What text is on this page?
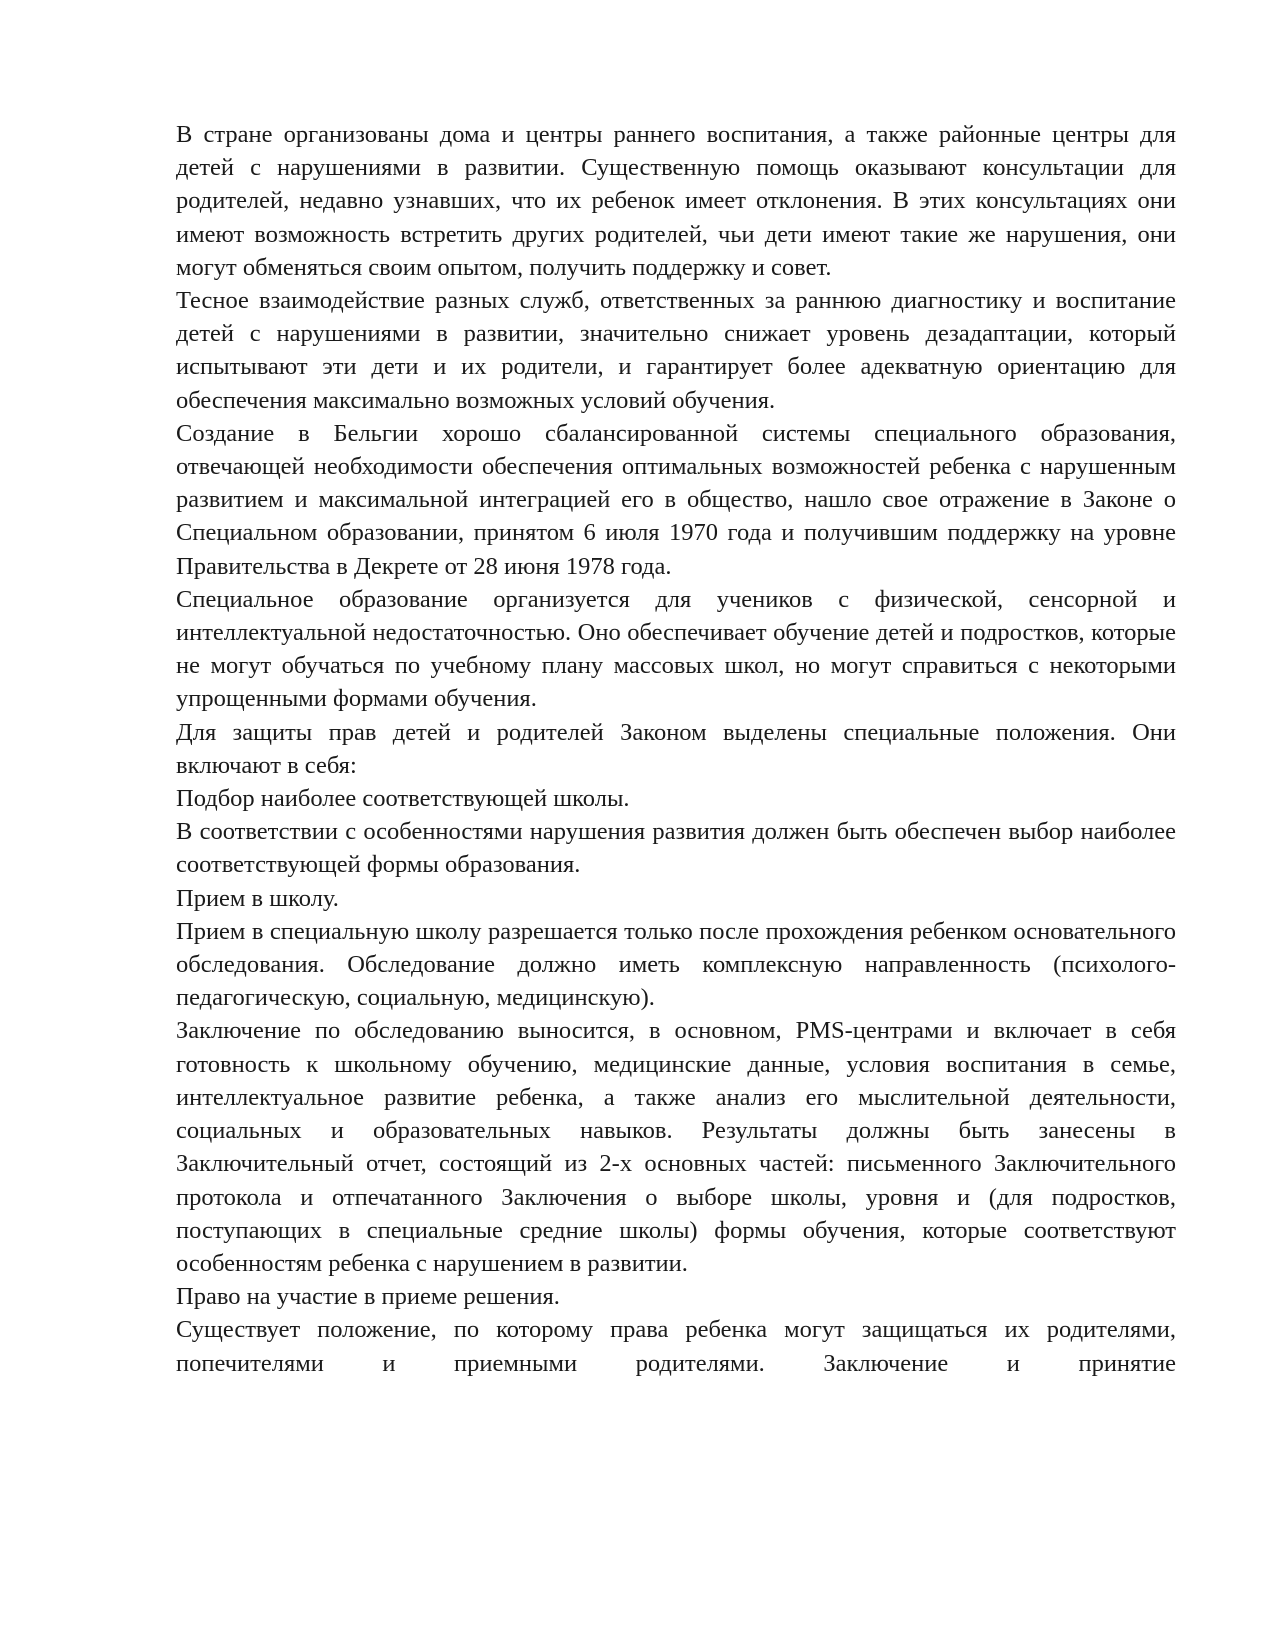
В стране организованы дома и центры раннего воспитания, а также районные центры для детей с нарушениями в развитии. Существенную помощь оказывают консультации для родителей, недавно узнавших, что их ребенок имеет отклонения. В этих консультациях они имеют возможность встретить других родителей, чьи дети имеют такие же нарушения, они могут обменяться своим опытом, получить поддержку и совет.

Тесное взаимодействие разных служб, ответственных за раннюю диагностику и воспитание детей с нарушениями в развитии, значительно снижает уровень дезадаптации, который испытывают эти дети и их родители, и гарантирует более адекватную ориентацию для обеспечения максимально возможных условий обучения.

Создание в Бельгии хорошо сбалансированной системы специального образования, отвечающей необходимости обеспечения оптимальных возможностей ребенка с нарушенным развитием и максимальной интеграцией его в общество, нашло свое отражение в Законе о Специальном образовании, принятом 6 июля 1970 года и получившим поддержку на уровне Правительства в Декрете от 28 июня 1978 года.

Специальное образование организуется для учеников с физической, сенсорной и интеллектуальной недостаточностью. Оно обеспечивает обучение детей и подростков, которые не могут обучаться по учебному плану массовых школ, но могут справиться с некоторыми упрощенными формами обучения.

Для защиты прав детей и родителей Законом выделены специальные положения. Они включают в себя:

Подбор наиболее соответствующей школы.

В соответствии с особенностями нарушения развития должен быть обеспечен выбор наиболее соответствующей формы образования.

Прием в школу.

Прием в специальную школу разрешается только после прохождения ребенком основательного обследования. Обследование должно иметь комплексную направленность (психолого-педагогическую, социальную, медицинскую).

Заключение по обследованию выносится, в основном, PMS-центрами и включает в себя готовность к школьному обучению, медицинские данные, условия воспитания в семье, интеллектуальное развитие ребенка, а также анализ его мыслительной деятельности, социальных и образовательных навыков. Результаты должны быть занесены в Заключительный отчет, состоящий из 2-х основных частей: письменного Заключительного протокола и отпечатанного Заключения о выборе школы, уровня и (для подростков, поступающих в специальные средние школы) формы обучения, которые соответствуют особенностям ребенка с нарушением в развитии.

Право на участие в приеме решения.

Существует положение, по которому права ребенка могут защищаться их родителями, попечителями и приемными родителями. Заключение и принятие
